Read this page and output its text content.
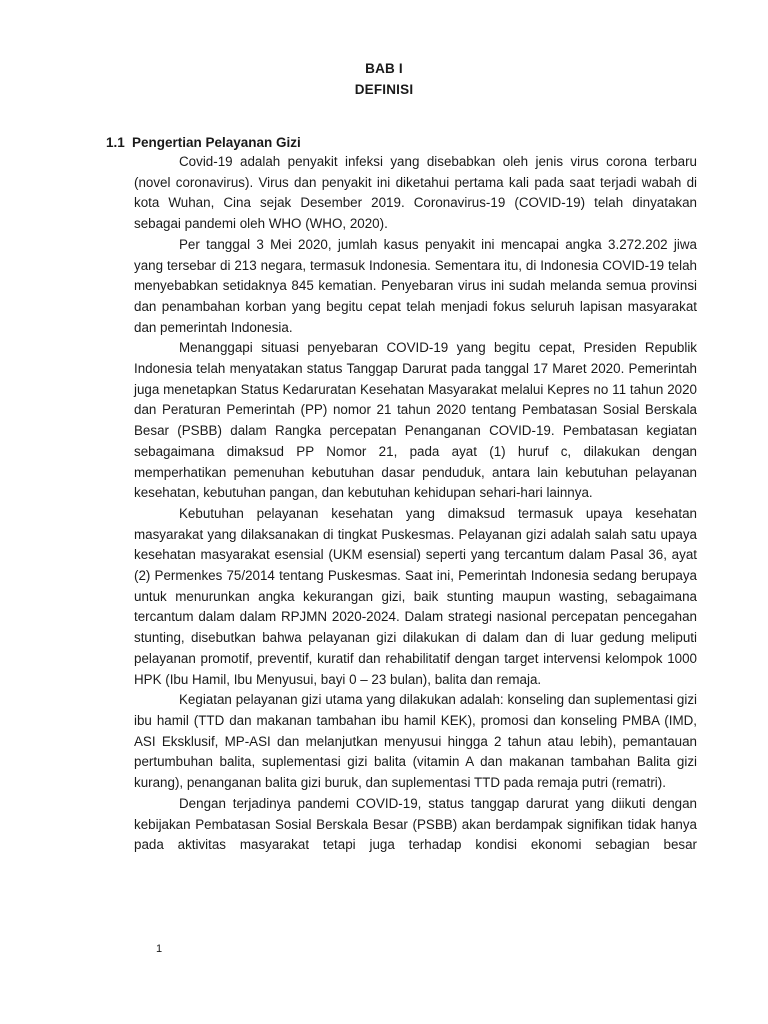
BAB I
DEFINISI
1.1 Pengertian Pelayanan Gizi

Covid-19 adalah penyakit infeksi yang disebabkan oleh jenis virus corona terbaru (novel coronavirus). Virus dan penyakit ini diketahui pertama kali pada saat terjadi wabah di kota Wuhan, Cina sejak Desember 2019. Coronavirus-19 (COVID-19) telah dinyatakan sebagai pandemi oleh WHO (WHO, 2020).

Per tanggal 3 Mei 2020, jumlah kasus penyakit ini mencapai angka 3.272.202 jiwa yang tersebar di 213 negara, termasuk Indonesia. Sementara itu, di Indonesia COVID-19 telah menyebabkan setidaknya 845 kematian. Penyebaran virus ini sudah melanda semua provinsi dan penambahan korban yang begitu cepat telah menjadi fokus seluruh lapisan masyarakat dan pemerintah Indonesia.

Menanggapi situasi penyebaran COVID-19 yang begitu cepat, Presiden Republik Indonesia telah menyatakan status Tanggap Darurat pada tanggal 17 Maret 2020. Pemerintah juga menetapkan Status Kedaruratan Kesehatan Masyarakat melalui Kepres no 11 tahun 2020 dan Peraturan Pemerintah (PP) nomor 21 tahun 2020 tentang Pembatasan Sosial Berskala Besar (PSBB) dalam Rangka percepatan Penanganan COVID-19. Pembatasan kegiatan sebagaimana dimaksud PP Nomor 21, pada ayat (1) huruf c, dilakukan dengan memperhatikan pemenuhan kebutuhan dasar penduduk, antara lain kebutuhan pelayanan kesehatan, kebutuhan pangan, dan kebutuhan kehidupan sehari-hari lainnya.

Kebutuhan pelayanan kesehatan yang dimaksud termasuk upaya kesehatan masyarakat yang dilaksanakan di tingkat Puskesmas. Pelayanan gizi adalah salah satu upaya kesehatan masyarakat esensial (UKM esensial) seperti yang tercantum dalam Pasal 36, ayat (2) Permenkes 75/2014 tentang Puskesmas. Saat ini, Pemerintah Indonesia sedang berupaya untuk menurunkan angka kekurangan gizi, baik stunting maupun wasting, sebagaimana tercantum dalam dalam RPJMN 2020-2024. Dalam strategi nasional percepatan pencegahan stunting, disebutkan bahwa pelayanan gizi dilakukan di dalam dan di luar gedung meliputi pelayanan promotif, preventif, kuratif dan rehabilitatif dengan target intervensi kelompok 1000 HPK (Ibu Hamil, Ibu Menyusui, bayi 0 – 23 bulan), balita dan remaja.

Kegiatan pelayanan gizi utama yang dilakukan adalah: konseling dan suplementasi gizi ibu hamil (TTD dan makanan tambahan ibu hamil KEK), promosi dan konseling PMBA (IMD, ASI Eksklusif, MP-ASI dan melanjutkan menyusui hingga 2 tahun atau lebih), pemantauan pertumbuhan balita, suplementasi gizi balita (vitamin A dan makanan tambahan Balita gizi kurang), penanganan balita gizi buruk, dan suplementasi TTD pada remaja putri (rematri).

Dengan terjadinya pandemi COVID-19, status tanggap darurat yang diikuti dengan kebijakan Pembatasan Sosial Berskala Besar (PSBB) akan berdampak signifikan tidak hanya pada aktivitas masyarakat tetapi juga terhadap kondisi ekonomi sebagian besar

1
